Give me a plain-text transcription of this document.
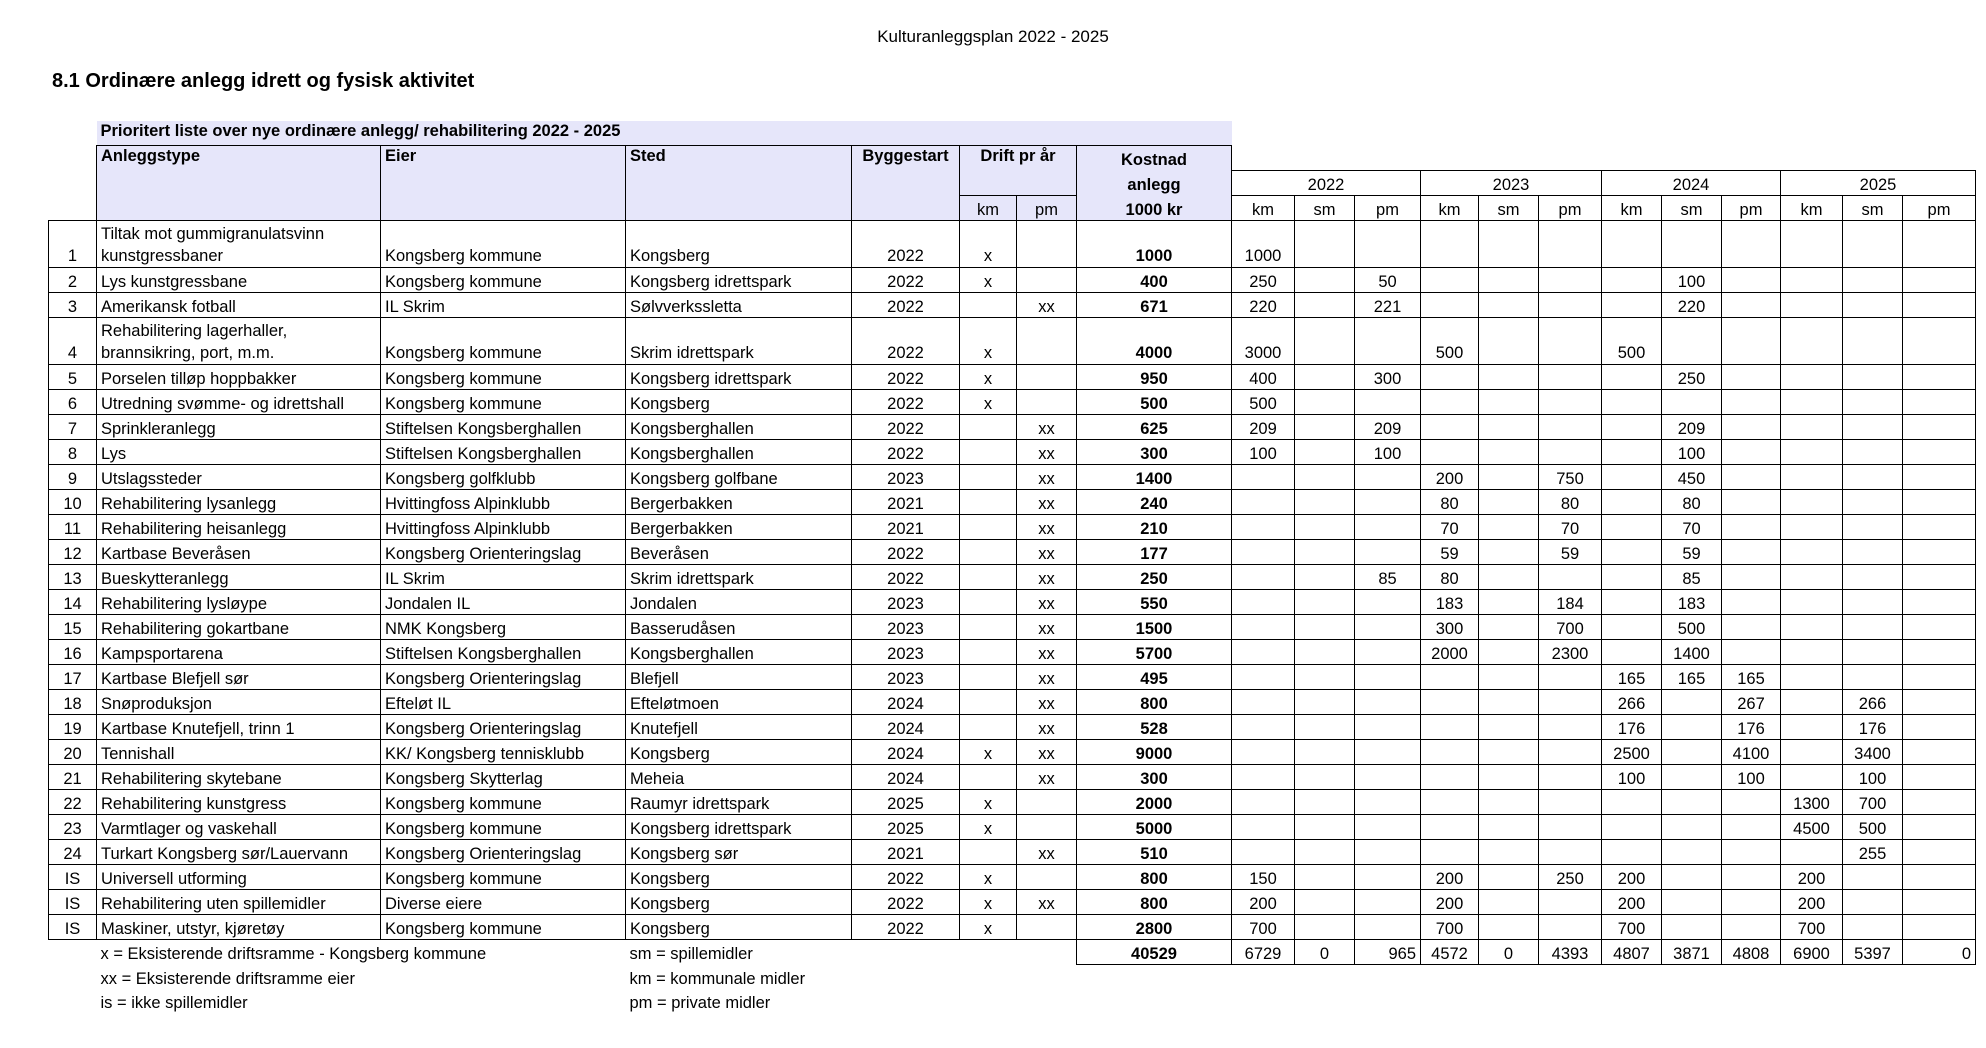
Kulturanleggsplan 2022 - 2025
8.1 Ordinære anlegg idrett og fysisk aktivitet
	Prioritert liste over nye ordinære anlegg/ rehabilitering 2022 - 2025																		
	Anleggstype	Eier	Sted	Byggestart	Drift pr år		Kostnad												
							anlegg	2022			2023			2024			2025		
					km	pm	1000 kr	km	sm	pm	km	sm	pm	km	sm	pm	km	sm	pm
1	Tiltak mot gummigranulatsvinn
kunstgressbaner	Kongsberg kommune	Kongsberg	2022	x		1000	1000											
2	Lys kunstgressbane	Kongsberg kommune	Kongsberg idrettspark	2022	x		400	250		50					100				
3	Amerikansk fotball	IL Skrim	Sølvverkssletta	2022		xx	671	220		221					220				
4	Rehabilitering lagerhaller,
brannsikring, port, m.m.	Kongsberg kommune	Skrim idrettspark	2022	x		4000	3000			500			500					
5	Porselen tilløp hoppbakker	Kongsberg kommune	Kongsberg idrettspark	2022	x		950	400		300					250				
6	Utredning svømme- og idrettshall	Kongsberg kommune	Kongsberg	2022	x		500	500											
7	Sprinkleranlegg	Stiftelsen Kongsberghallen	Kongsberghallen	2022		xx	625	209		209					209				
8	Lys	Stiftelsen Kongsberghallen	Kongsberghallen	2022		xx	300	100		100					100				
9	Utslagssteder	Kongsberg golfklubb	Kongsberg golfbane	2023		xx	1400				200		750		450				
10	Rehabilitering lysanlegg	Hvittingfoss Alpinklubb	Bergerbakken	2021		xx	240				80		80		80				
11	Rehabilitering heisanlegg	Hvittingfoss Alpinklubb	Bergerbakken	2021		xx	210				70		70		70				
12	Kartbase Beveråsen	Kongsberg Orienteringslag	Beveråsen	2022		xx	177				59		59		59				
13	Bueskytteranlegg	IL Skrim	Skrim idrettspark	2022		xx	250			85	80				85				
14	Rehabilitering lysløype	Jondalen IL	Jondalen	2023		xx	550				183		184		183				
15	Rehabilitering gokartbane	NMK Kongsberg	Basserudåsen	2023		xx	1500				300		700		500				
16	Kampsportarena	Stiftelsen Kongsberghallen	Kongsberghallen	2023		xx	5700				2000		2300		1400				
17	Kartbase Blefjell sør	Kongsberg Orienteringslag	Blefjell	2023		xx	495							165	165	165			
18	Snøproduksjon	Efteløt IL	Efteløtmoen	2024		xx	800							266		267		266	
19	Kartbase Knutefjell, trinn 1	Kongsberg Orienteringslag	Knutefjell	2024		xx	528							176		176		176	
20	Tennishall	KK/ Kongsberg tennisklubb	Kongsberg	2024	x	xx	9000							2500		4100		3400	
21	Rehabilitering skytebane	Kongsberg Skytterlag	Meheia	2024		xx	300							100		100		100	
22	Rehabilitering kunstgress	Kongsberg kommune	Raumyr idrettspark	2025	x		2000										1300	700	
23	Varmtlager og vaskehall	Kongsberg kommune	Kongsberg idrettspark	2025	x		5000										4500	500	
24	Turkart Kongsberg sør/Lauervann	Kongsberg Orienteringslag	Kongsberg sør	2021		xx	510											255	
IS	Universell utforming	Kongsberg kommune	Kongsberg	2022	x		800	150			200		250	200			200		
IS	Rehabilitering uten spillemidler	Diverse eiere	Kongsberg	2022	x	xx	800	200			200			200			200		
IS	Maskiner, utstyr, kjøretøy	Kongsberg kommune	Kongsberg	2022	x		2800	700			700			700			700		
	x = Eksisterende driftsramme - Kongsberg kommune		sm = spillemidler				40529	6729	0	965	4572	0	4393	4807	3871	4808	6900	5397	0
	xx = Eksisterende driftsramme eier		km = kommunale midler																
	is = ikke spillemidler		pm = private midler																
